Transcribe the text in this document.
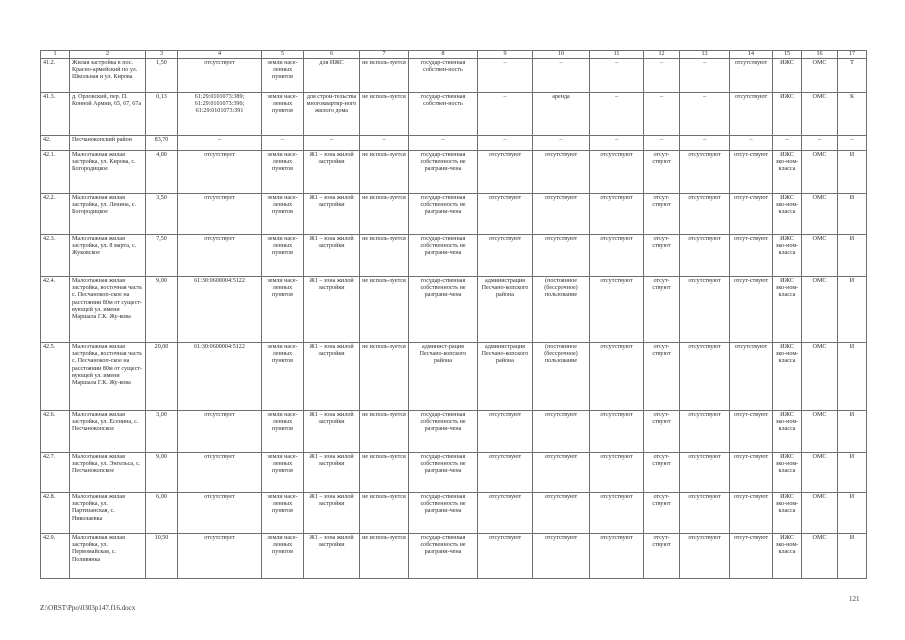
1	2	3	4	5	6	7	8	9	10	11	12	13	14	15	16	17
41.2.	Жилая застройка в пос. Красно-армейский по ул. Школьная и ул. Кирова	1,50	отсутствует	земли насе-ленных пунктов	для ИЖС	не исполь-зуется	государ-ственная собствен-ность	–	–	–	–	–	отсутствуют	ИЖС	ОМС	Т
41.3.	д. Орловский, пер. П. Конной Армии, 65, 67, 67а	0,13	61:29:0101073:389; 61:29:0101073:390; 61:29:0101073:391	земли насе-ленных пунктов	для строи-тельства многоквартир-ного жилого дома	не исполь-зуется	государ-ственная собствен-ность	–	аренда	–	–	–	отсутствуют	ИЖС	ОМС	К
42.	Песчанокопский район	83,70	–	–	–	–	–	–	–	–	–	–	–	–	–	–
42.1.	Малоэтажная жилая застройка, ул. Кирова, с. Богородицкое	4,00	отсутствует	земли насе-ленных пунктов	Ж1 – зона жилой застройки	не исполь-зуется	государ-ственная собственность не разграни-чена	отсутствуют	отсутствуют	отсутствуют	отсут-ствуют	отсутствуют	отсут-ствуют	ИЖС эко-ном-класса	ОМС	И
42.2.	Малоэтажная жилая застройка, ул. Ленина, с. Богородицкое	3,50	отсутствует	земли насе-ленных пунктов	Ж1 – зона жилой застройки	не исполь-зуется	государ-ственная собственность не разграни-чена	отсутствуют	отсутствуют	отсутствуют	отсут-ствуют	отсутствуют	отсут-ствуют	ИЖС эко-ном-класса	ОМС	И
42.3.	Малоэтажная жилая застройка, ул. 8 марта, с. Жуковское	7,50	отсутствует	земли насе-ленных пунктов	Ж1 – зона жилой застройки	не исполь-зуется	государ-ственная собственность не разграни-чена	отсутствуют	отсутствуют	отсутствуют	отсут-ствуют	отсутствуют	отсут-ствуют	ИЖС эко-ном-класса	ОМС	И
42.4.	Малоэтажная жилая застройка, восточная часть с. Песчанокоп-ское на расстоянии 80м от сущест-вующей ул. имени Маршала Г.К. Жу-кова	9,00	61:30:0600004:5122	земли насе-ленных пунктов	Ж1 – зона жилой застройки	не исполь-зуется	государ-ственная собственность не разграни-чена	администрация Песчано-копского района	(постоянное (бессрочное) пользование	отсутствуют	отсут-ствуют	отсутствуют	отсут-ствуют	ИЖС эко-ном-класса	ОМС	И
42.5.	Малоэтажная жилая застройка, восточная часть с. Песчанокоп-ское на расстоянии 80м от сущест-вующей ул. имени Маршала Г.К. Жу-кова	20,00	61:30:0600004:5122	земли насе-ленных пунктов	Ж1 – зона жилой застройки	не исполь-зуется	админист-рация Песчано-копского района	администрация Песчано-копского района	(постоянное (бессрочное) пользование	отсутствуют	отсут-ствуют	отсутствуют	отсутствуют	ИЖС эко-ном-класса	ОМС	И
42.6.	Малоэтажная жилая застройка, ул. Есенина, с. Песчанокопское	3,00	отсутствует	земли насе-ленных пунктов	Ж1 – зона жилой застройки	не исполь-зуется	государ-ственная собственность не разграни-чена	отсутствуют	отсутствуют	отсутствуют	отсут-ствуют	отсутствуют	отсут-ствуют	ИЖС эко-ном-класса	ОМС	И
42.7.	Малоэтажная жилая застройка, ул. Энгельса, с. Песчанокопское	9,00	отсутствует	земли насе-ленных пунктов	Ж1 – зона жилой застройки	не исполь-зуется	государ-ственная собственность не разграни-чена	отсутствуют	отсутствуют	отсутствуют	отсут-ствуют	отсутствуют	отсут-ствуют	ИЖС эко-ном-класса	ОМС	И
42.8.	Малоэтажная жилая застройка, ул. Партизанская, с. Николаевка	6,00	отсутствует	земли насе-ленных пунктов	Ж1 – зона жилой застройки	не исполь-зуется	государ-ственная собственность не разграни-чена	отсутствуют	отсутствуют	отсутствуют	отсут-ствуют	отсутствуют	отсут-ствуют	ИЖС эко-ном-класса	ОМС	И
42.9.	Малоэтажная жилая застройка, ул. Первомайская, с. Поливянка	10,50	отсутствует	земли насе-ленных пунктов	Ж1 – зона жилой застройки	не исполь-зуется	государ-ственная собственность не разграни-чена	отсутствуют	отсутствуют	отсутствуют	отсут-ствуют	отсутствуют	отсут-ствуют	ИЖС эко-ном-класса	ОМС	И
Z:\ORST\Ppo\0303p147.f16.docx
121
